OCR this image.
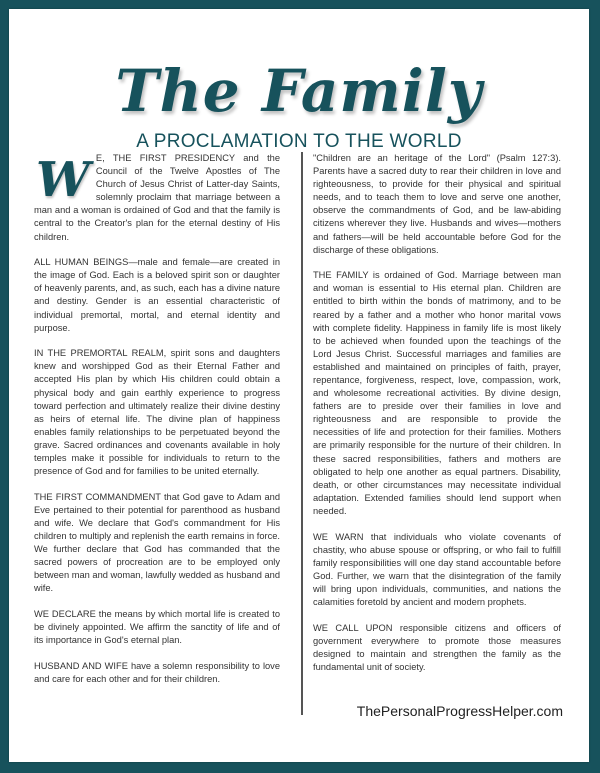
The Family
A PROCLAMATION TO THE WORLD

W E, THE FIRST PRESIDENCY and the Council of the Twelve Apostles of The Church of Jesus Christ of Latter-day Saints, solemnly proclaim that marriage between a man and a woman is ordained of God and that the family is central to the Creator's plan for the eternal destiny of His children.

ALL HUMAN BEINGS—male and female—are created in the image of God. Each is a beloved spirit son or daughter of heavenly parents, and, as such, each has a divine nature and destiny. Gender is an essential characteristic of individual premortal, mortal, and eternal identity and purpose.

IN THE PREMORTAL REALM, spirit sons and daughters knew and worshipped God as their Eternal Father and accepted His plan by which His children could obtain a physical body and gain earthly experience to progress toward perfection and ultimately realize their divine destiny as heirs of eternal life. The divine plan of happiness enables family relationships to be perpetuated beyond the grave. Sacred ordinances and covenants available in holy temples make it possible for individuals to return to the presence of God and for families to be united eternally.

THE FIRST COMMANDMENT that God gave to Adam and Eve pertained to their potential for parenthood as husband and wife. We declare that God's commandment for His children to multiply and replenish the earth remains in force. We further declare that God has commanded that the sacred powers of procreation are to be employed only between man and woman, lawfully wedded as husband and wife.

WE DECLARE the means by which mortal life is created to be divinely appointed. We affirm the sanctity of life and of its importance in God's eternal plan.

HUSBAND AND WIFE have a solemn responsibility to love and care for each other and for their children.

"Children are an heritage of the Lord" (Psalm 127:3). Parents have a sacred duty to rear their children in love and righteousness, to provide for their physical and spiritual needs, and to teach them to love and serve one another, observe the commandments of God, and be law-abiding citizens wherever they live. Husbands and wives—mothers and fathers—will be held accountable before God for the discharge of these obligations.

THE FAMILY is ordained of God. Marriage between man and woman is essential to His eternal plan. Children are entitled to birth within the bonds of matrimony, and to be reared by a father and a mother who honor marital vows with complete fidelity. Happiness in family life is most likely to be achieved when founded upon the teachings of the Lord Jesus Christ. Successful marriages and families are established and maintained on principles of faith, prayer, repentance, forgiveness, respect, love, compassion, work, and wholesome recreational activities. By divine design, fathers are to preside over their families in love and righteousness and are responsible to provide the necessities of life and protection for their families. Mothers are primarily responsible for the nurture of their children. In these sacred responsibilities, fathers and mothers are obligated to help one another as equal partners. Disability, death, or other circumstances may necessitate individual adaptation. Extended families should lend support when needed.

WE WARN that individuals who violate covenants of chastity, who abuse spouse or offspring, or who fail to fulfill family responsibilities will one day stand accountable before God. Further, we warn that the disintegration of the family will bring upon individuals, communities, and nations the calamities foretold by ancient and modern prophets.

WE CALL UPON responsible citizens and officers of government everywhere to promote those measures designed to maintain and strengthen the family as the fundamental unit of society.

ThePersonalProgressHelper.com
